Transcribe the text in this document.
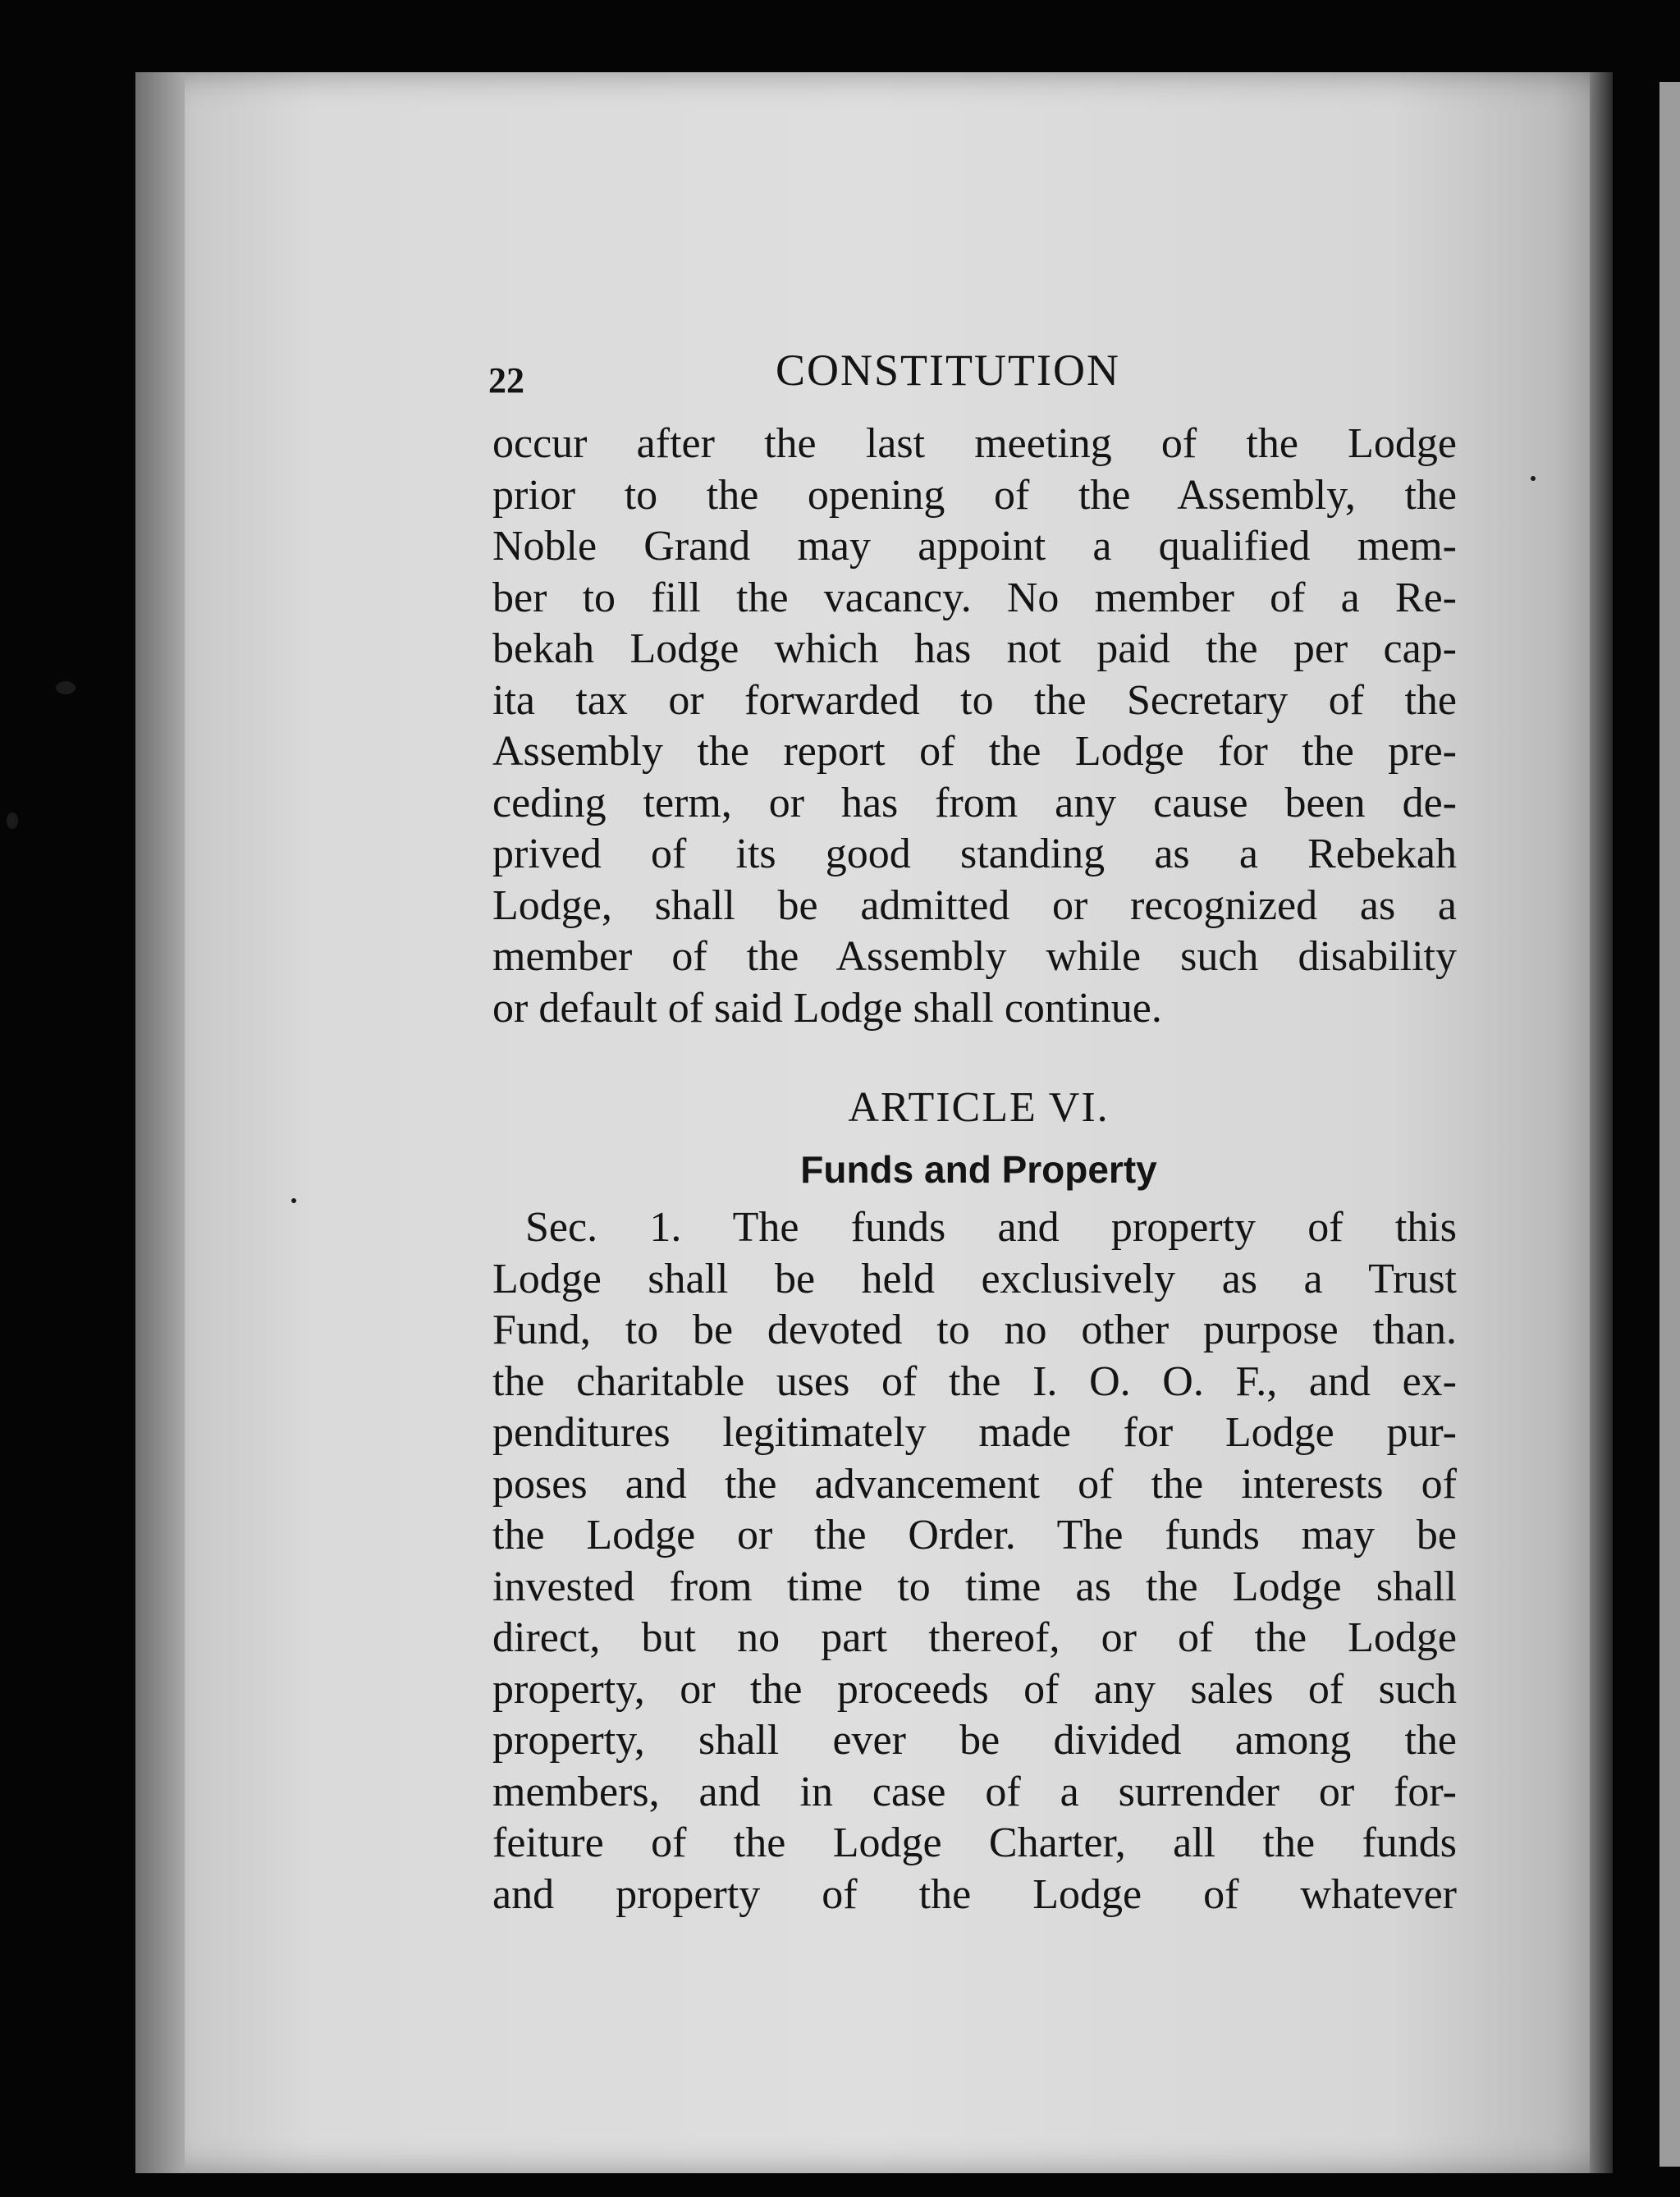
22	CONSTITUTION
occur after the last meeting of the Lodge
prior to the opening of the Assembly, the
Noble Grand may appoint a qualified mem-
ber to fill the vacancy. No member of a Re-
bekah Lodge which has not paid the per cap-
ita tax or forwarded to the Secretary of the
Assembly the report of the Lodge for the pre-
ceding term, or has from any cause been de-
prived of its good standing as a Rebekah
Lodge, shall be admitted or recognized as a
member of the Assembly while such disability
or default of said Lodge shall continue.
ARTICLE VI.
Funds and Property
Sec. 1. The funds and property of this
Lodge shall be held exclusively as a Trust
Fund, to be devoted to no other purpose than.
the charitable uses of the I. O. O. F., and ex-
penditures legitimately made for Lodge pur-
poses and the advancement of the interests of
the Lodge or the Order. The funds may be
invested from time to time as the Lodge shall
direct, but no part thereof, or of the Lodge
property, or the proceeds of any sales of such
property, shall ever be divided among the
members, and in case of a surrender or for-
feiture of the Lodge Charter, all the funds
and property of the Lodge of whatever
